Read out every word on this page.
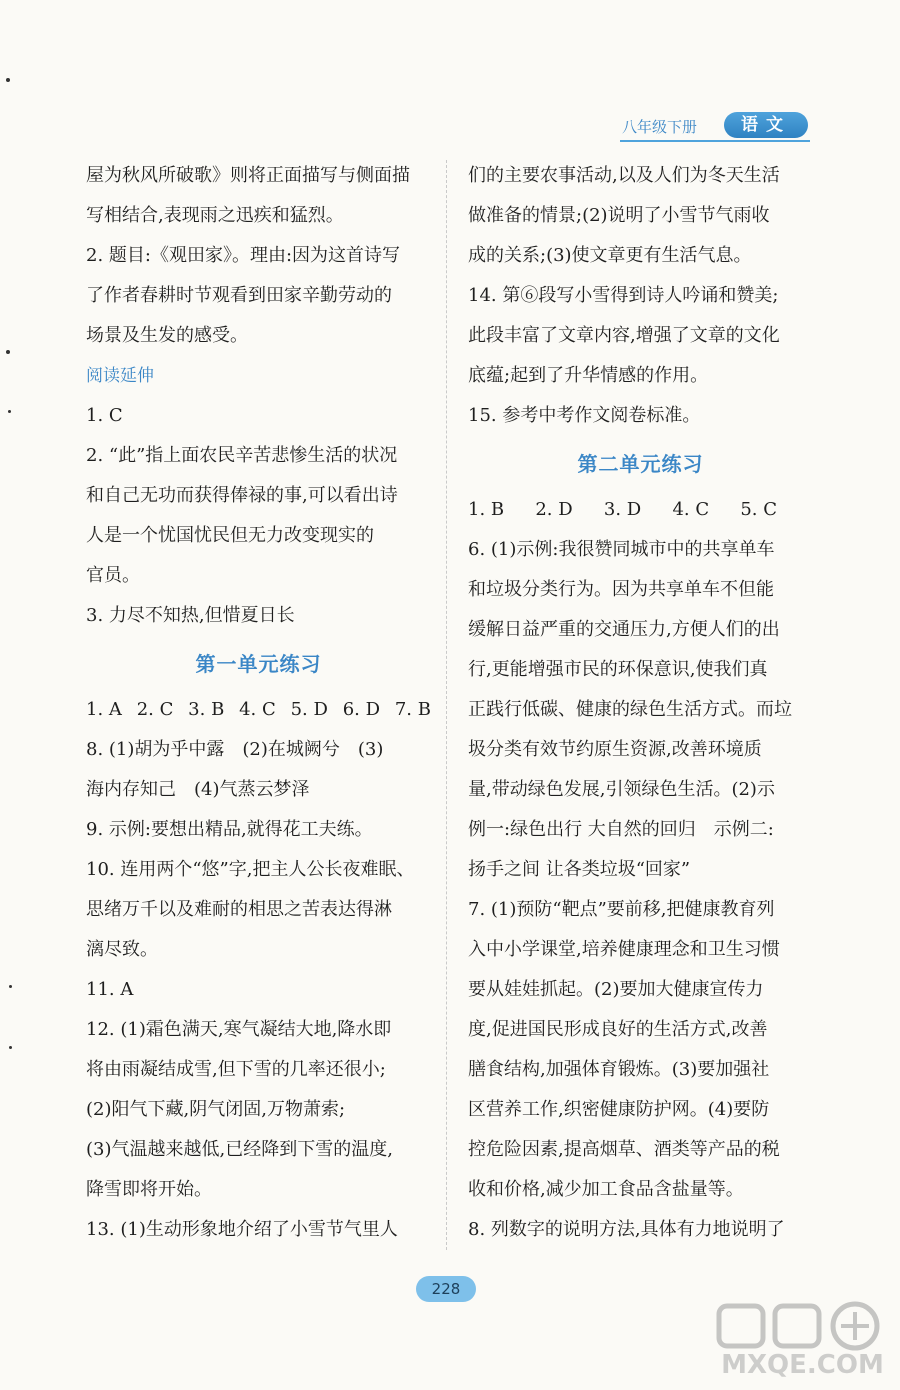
八年级下册	语文
屋为秋风所破歌》则将正面描写与侧面描
写相结合,表现雨之迅疾和猛烈。
2. 题目:《观田家》。理由:因为这首诗写
了作者春耕时节观看到田家辛勤劳动的
场景及生发的感受。
阅读延伸
1. C
2. “此”指上面农民辛苦悲惨生活的状况
和自己无功而获得俸禄的事,可以看出诗
人是一个忧国忧民但无力改变现实的
官员。
3. 力尽不知热,但惜夏日长
第一单元练习
1. A 2. C 3. B 4. C 5. D 6. D 7. B
8. (1)胡为乎中露　(2)在城阙兮　(3)
海内存知己　(4)气蒸云梦泽
9. 示例:要想出精品,就得花工夫练。
10. 连用两个“悠”字,把主人公长夜难眠、
思绪万千以及难耐的相思之苦表达得淋
漓尽致。
11. A
12. (1)霜色满天,寒气凝结大地,降水即
将由雨凝结成雪,但下雪的几率还很小;
(2)阳气下藏,阴气闭固,万物萧索;
(3)气温越来越低,已经降到下雪的温度,
降雪即将开始。
13. (1)生动形象地介绍了小雪节气里人
们的主要农事活动,以及人们为冬天生活
做准备的情景;(2)说明了小雪节气雨收
成的关系;(3)使文章更有生活气息。
14. 第⑥段写小雪得到诗人吟诵和赞美;
此段丰富了文章内容,增强了文章的文化
底蕴;起到了升华情感的作用。
15. 参考中考作文阅卷标准。
第二单元练习
1. B 2. D 3. D 4. C 5. C
6. (1)示例:我很赞同城市中的共享单车
和垃圾分类行为。因为共享单车不但能
缓解日益严重的交通压力,方便人们的出
行,更能增强市民的环保意识,使我们真
正践行低碳、健康的绿色生活方式。而垃
圾分类有效节约原生资源,改善环境质
量,带动绿色发展,引领绿色生活。(2)示
例一:绿色出行 大自然的回归　示例二:
扬手之间 让各类垃圾“回家”
7. (1)预防“靶点”要前移,把健康教育列
入中小学课堂,培养健康理念和卫生习惯
要从娃娃抓起。(2)要加大健康宣传力
度,促进国民形成良好的生活方式,改善
膳食结构,加强体育锻炼。(3)要加强社
区营养工作,织密健康防护网。(4)要防
控危险因素,提高烟草、酒类等产品的税
收和价格,减少加工食品含盐量等。
8. 列数字的说明方法,具体有力地说明了
228
MXQE.COM
